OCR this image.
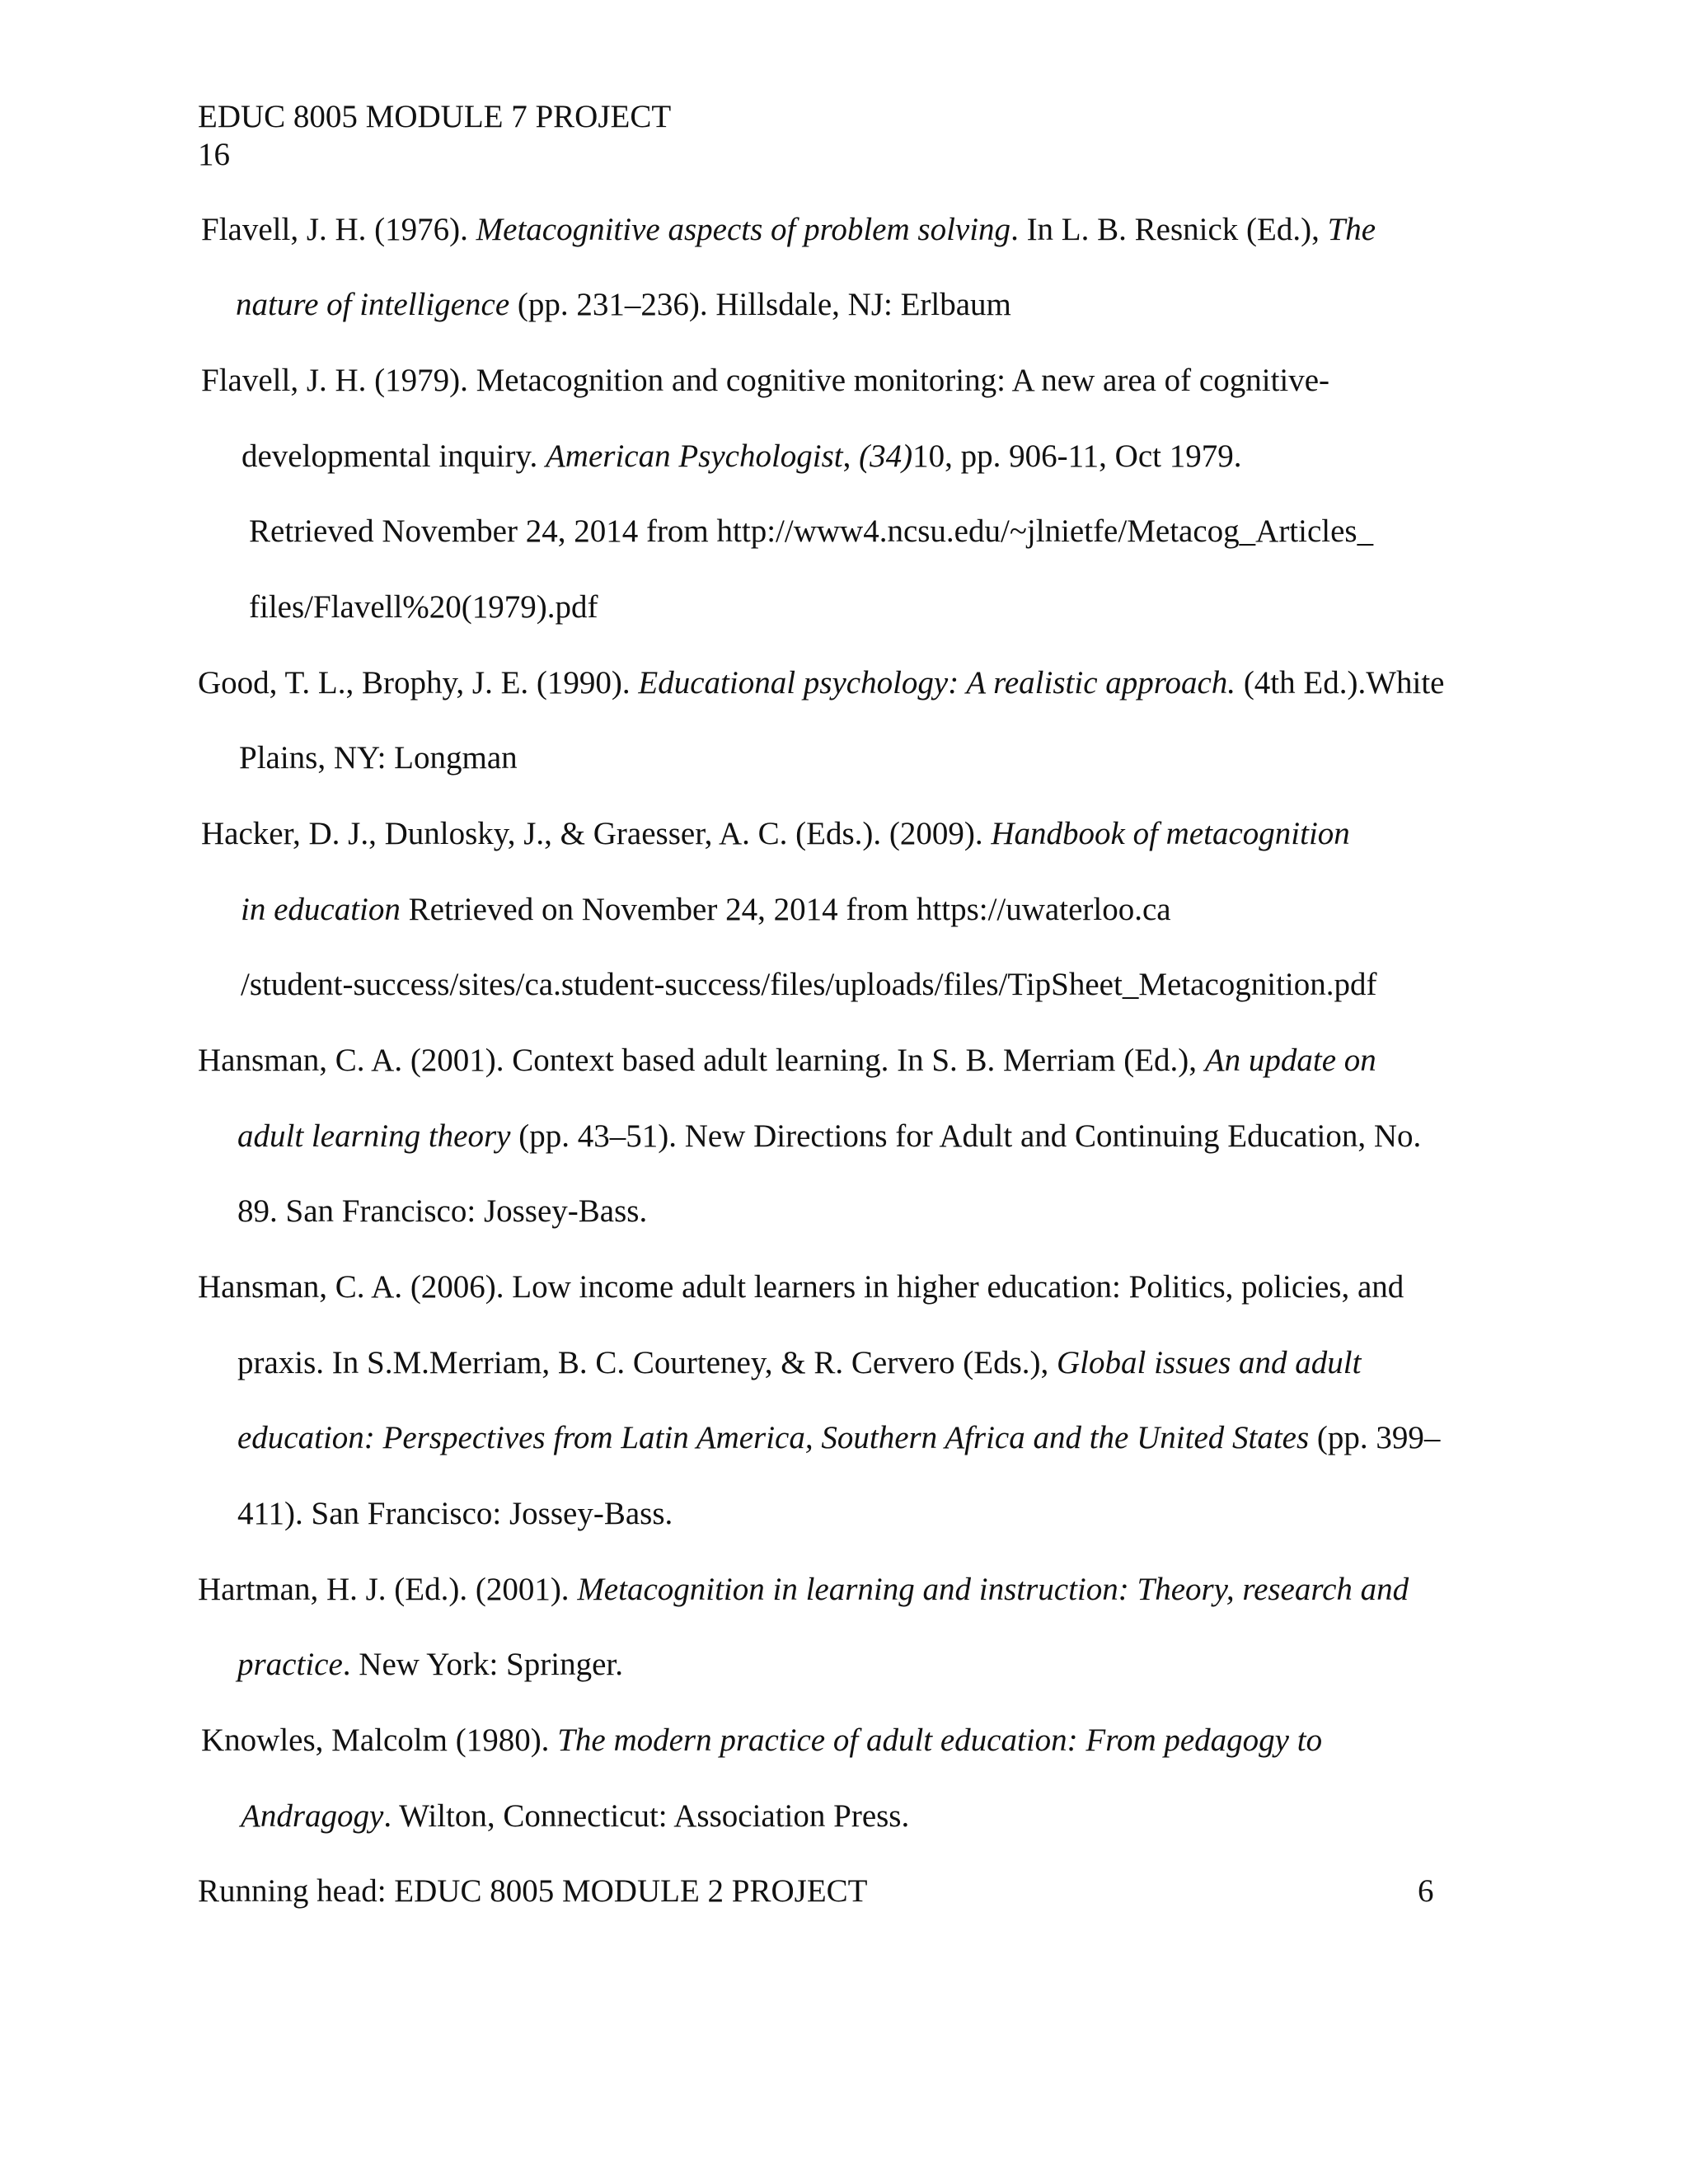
EDUC 8005 MODULE 7 PROJECT
16
Flavell, J. H. (1976). Metacognitive aspects of problem solving. In L. B. Resnick (Ed.), The
nature of intelligence (pp. 231–236). Hillsdale, NJ: Erlbaum
Flavell, J. H. (1979). Metacognition and cognitive monitoring: A new area of cognitive-
developmental inquiry. American Psychologist, (34)10, pp. 906-11, Oct 1979.
Retrieved November 24, 2014 from http://www4.ncsu.edu/~jlnietfe/Metacog_Articles_
files/Flavell%20(1979).pdf
Good, T. L., Brophy, J. E. (1990). Educational psychology: A realistic approach. (4th Ed.).White
Plains, NY: Longman
Hacker, D. J., Dunlosky, J., & Graesser, A. C. (Eds.). (2009). Handbook of metacognition
in education Retrieved on November 24, 2014 from https://uwaterloo.ca
/student-success/sites/ca.student-success/files/uploads/files/TipSheet_Metacognition.pdf
Hansman, C. A. (2001). Context based adult learning. In S. B. Merriam (Ed.), An update on
adult learning theory (pp. 43–51). New Directions for Adult and Continuing Education, No.
89. San Francisco: Jossey-Bass.
Hansman, C. A. (2006). Low income adult learners in higher education: Politics, policies, and
praxis. In S.M.Merriam, B. C. Courteney, & R. Cervero (Eds.), Global issues and adult
education: Perspectives from Latin America, Southern Africa and the United States (pp. 399–
411). San Francisco: Jossey-Bass.
Hartman, H. J. (Ed.). (2001). Metacognition in learning and instruction: Theory, research and
practice. New York: Springer.
Knowles, Malcolm (1980). The modern practice of adult education: From pedagogy to
Andragogy. Wilton, Connecticut: Association Press.
Running head: EDUC 8005 MODULE 2 PROJECT	6
